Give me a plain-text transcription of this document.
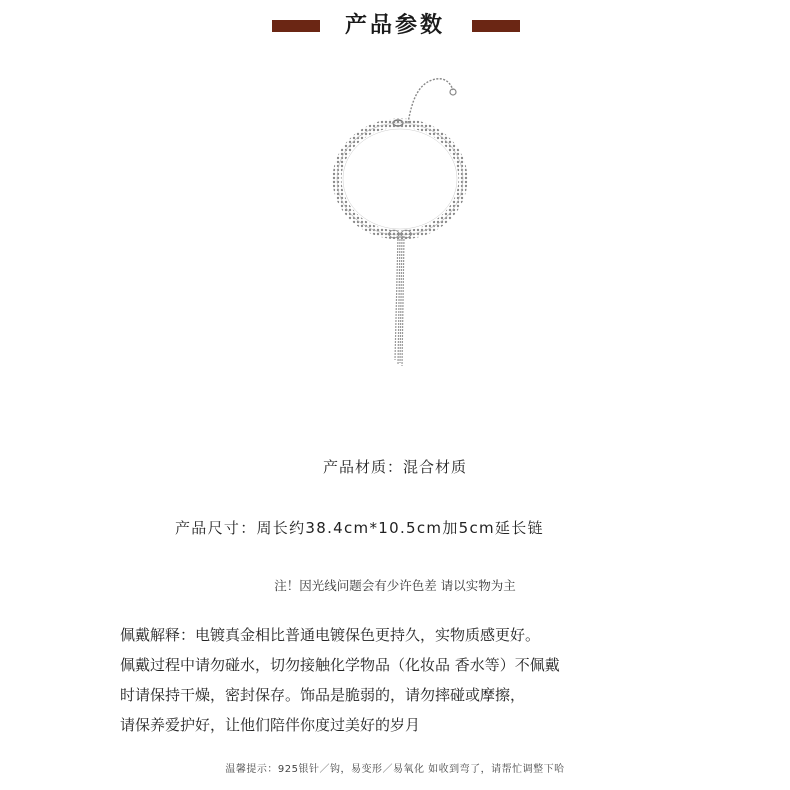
产品参数
产品材质：混合材质
产品尺寸：周长约38.4cm*10.5cm加5cm延长链
注！因光线问题会有少许色差 请以实物为主
佩戴解释：电镀真金相比普通电镀保色更持久，实物质感更好。
佩戴过程中请勿碰水，切勿接触化学物品（化妆品 香水等）不佩戴
时请保持干燥，密封保存。饰品是脆弱的，请勿摔碰或摩擦，
请保养爱护好，让他们陪伴你度过美好的岁月
温馨提示：925银针／钩，易变形／易氧化 如收到弯了，请帮忙调整下哈
